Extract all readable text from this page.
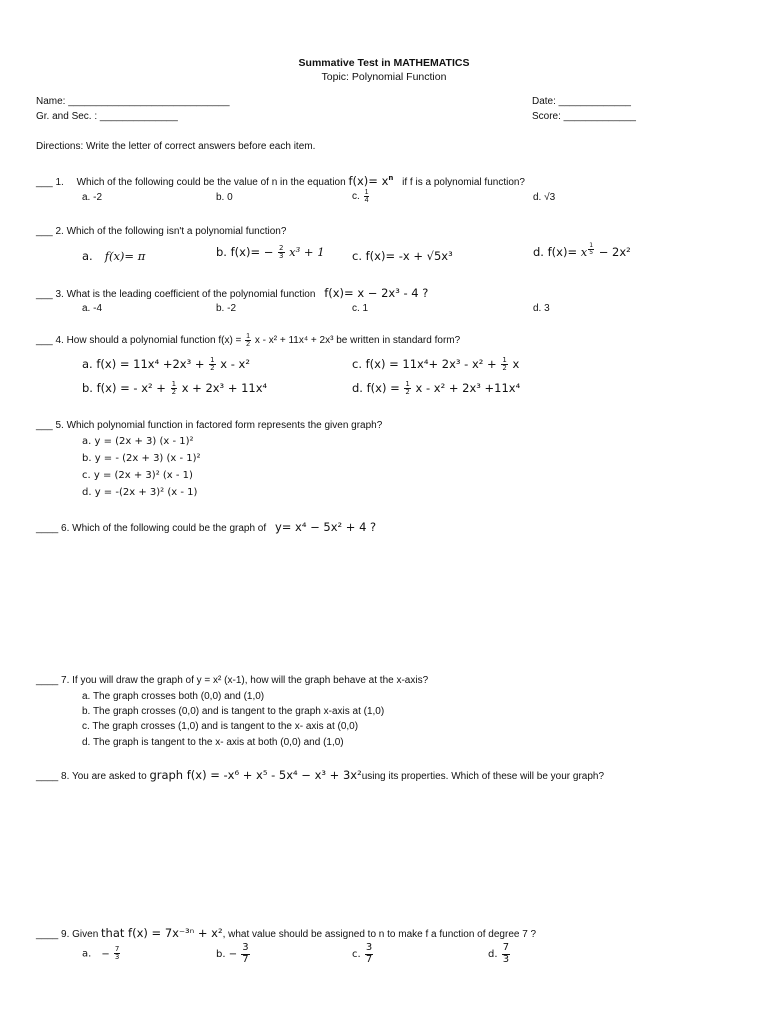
Summative Test in MATHEMATICS
Topic: Polynomial Function
Name: _____________________________	Date: _____________
Gr. and Sec. : ______________	Score: _____________
Directions: Write the letter of correct answers before each item.
___ 1. Which of the following could be the value of n in the equation $f(x)= x^n$ if f is a polynomial function?
a. -2	b. 0	c. $\frac{1}{4}$	d. √3
___ 2. Which of the following isn't a polynomial function?
a. f(x)= π	b. $f(x)= - \frac{2}{3} x^3 + 1$ c. f(x)= -x + √5x³	d. f(x)= x $\frac{1}{5} - 2x^2$
___ 3. What is the leading coefficient of the polynomial function f(x)= x − 2x³ - 4 ?
a. -4	b. -2	c. 1	d. 3
___ 4. How should a polynomial function $f(x) = \frac{1}{2}$ x - x² + 11x⁴ + 2x³ be written in standard form?
a. $f(x) = 11x^4 +2x^3 + \frac{1}{2}$ x - x²
b. f(x) = - $x^2 + \frac{1}{2}$ x + 2x³ + 11x⁴
c. $f(x) = 11x^4+ 2x^3 - x^2 + \frac{1}{2}$ x
d. $f(x) = \frac{1}{2}$ x - x² + 2x³ +11x⁴
___ 5. Which polynomial function in factored form represents the given graph?
a. y = (2x + 3) (x - 1)²
b. y = - (2x + 3) (x - 1)²
c. y = (2x + 3)² (x - 1)
d. y = -(2x + 3)² (x - 1)
____ 6. Which of the following could be the graph of y= x⁴ − 5x² + 4 ?
____ 7. If you will draw the graph of y = x² (x-1), how will the graph behave at the x-axis?
a. The graph crosses both (0,0) and (1,0)
b. The graph crosses (0,0) and is tangent to the graph x-axis at (1,0)
c. The graph crosses (1,0) and is tangent to the x- axis at (0,0)
d. The graph is tangent to the x- axis at both (0,0) and (1,0)
____ 8. You are asked to graph f(x) = -x⁶ + x⁵ - 5x⁴ − x³ + 3x²using its properties. Which of these will be your graph?
____ 9. Given that f(x) = 7x⁻³ⁿ + x², what value should be assigned to n to make f a function of degree 7 ?
a. − $\frac{7}{3}$	b. − $\frac{3}{7}$	c. $\frac{3}{7}$	d. $\frac{7}{3}$
